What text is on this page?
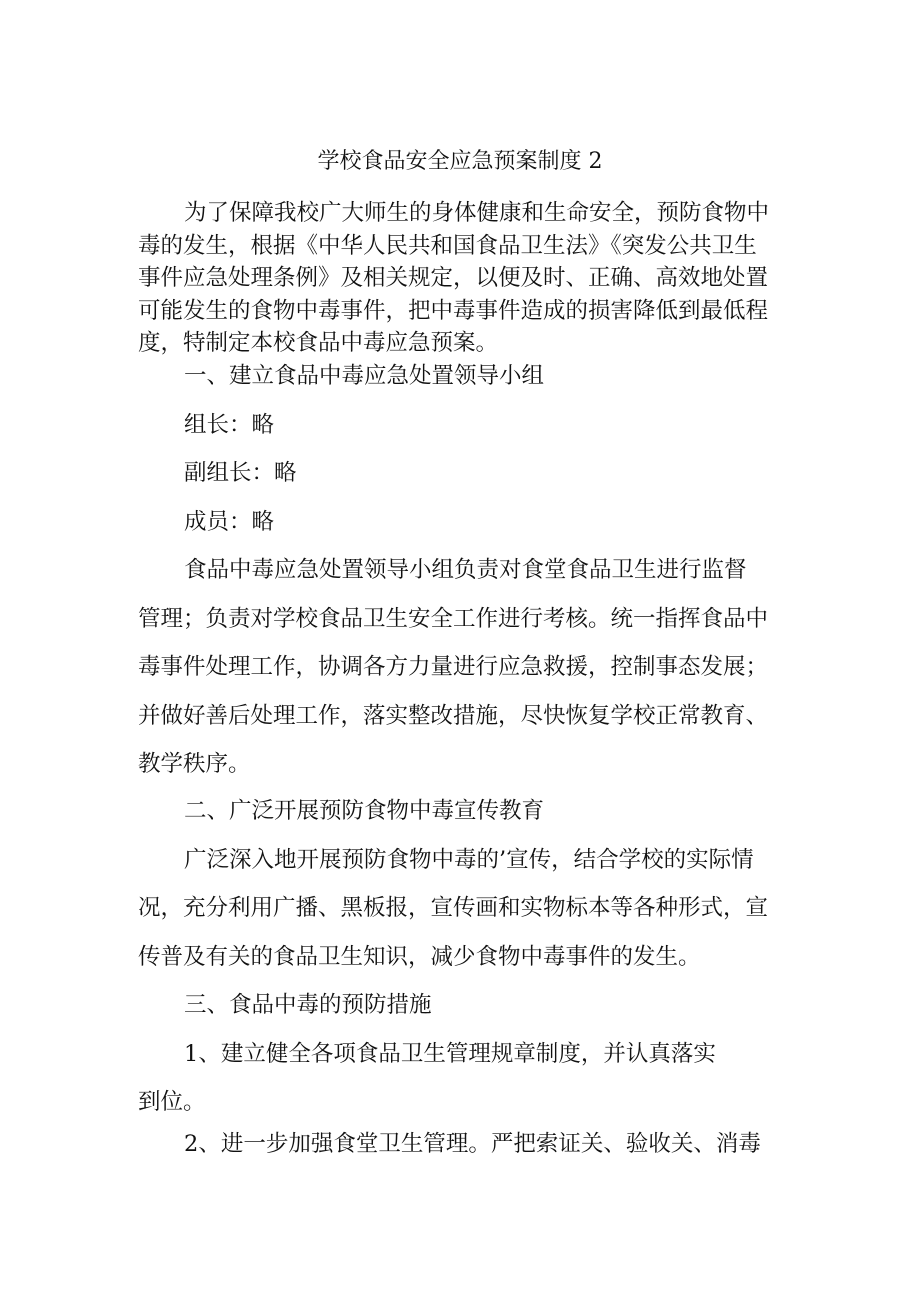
学校食品安全应急预案制度 2
为了保障我校广大师生的身体健康和生命安全，预防食物中
毒的发生，根据《中华人民共和国食品卫生法》《突发公共卫生
事件应急处理条例》及相关规定，以便及时、正确、高效地处置
可能发生的食物中毒事件，把中毒事件造成的损害降低到最低程
度，特制定本校食品中毒应急预案。
一、建立食品中毒应急处置领导小组
组长：略
副组长：略
成员：略
食品中毒应急处置领导小组负责对食堂食品卫生进行监督
管理；负责对学校食品卫生安全工作进行考核。统一指挥食品中
毒事件处理工作，协调各方力量进行应急救援，控制事态发展；
并做好善后处理工作，落实整改措施，尽快恢复学校正常教育、
教学秩序。
二、广泛开展预防食物中毒宣传教育
广泛深入地开展预防食物中毒的’宣传，结合学校的实际情
况，充分利用广播、黑板报，宣传画和实物标本等各种形式，宣
传普及有关的食品卫生知识，减少食物中毒事件的发生。
三、食品中毒的预防措施
1、建立健全各项食品卫生管理规章制度，并认真落实
到位。
2、进一步加强食堂卫生管理。严把索证关、验收关、消毒
